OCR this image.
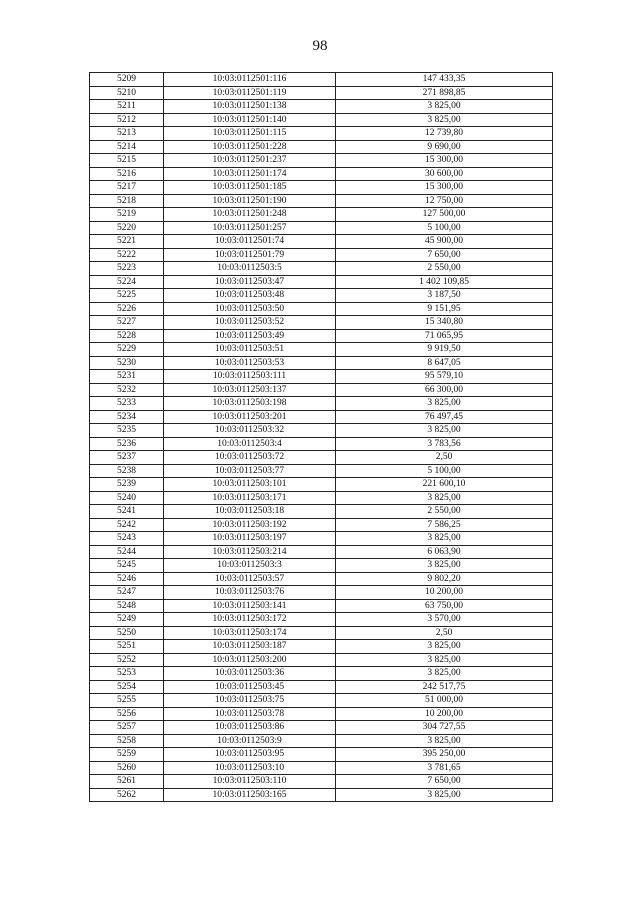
98
5209	10:03:0112501:116	147 433,35
5210	10:03:0112501:119	271 898,85
5211	10:03:0112501:138	3 825,00
5212	10:03:0112501:140	3 825,00
5213	10:03:0112501:115	12 739,80
5214	10:03:0112501:228	9 690,00
5215	10:03:0112501:237	15 300,00
5216	10:03:0112501:174	30 600,00
5217	10:03:0112501:185	15 300,00
5218	10:03:0112501:190	12 750,00
5219	10:03:0112501:248	127 500,00
5220	10:03:0112501:257	5 100,00
5221	10:03:0112501:74	45 900,00
5222	10:03:0112501:79	7 650,00
5223	10:03:0112503:5	2 550,00
5224	10:03:0112503:47	1 402 109,85
5225	10:03:0112503:48	3 187,50
5226	10:03:0112503:50	9 151,95
5227	10:03:0112503:52	15 340,80
5228	10:03:0112503:49	71 065,95
5229	10:03:0112503:51	9 919,50
5230	10:03:0112503:53	8 647,05
5231	10:03:0112503:111	95 579,10
5232	10:03:0112503:137	66 300,00
5233	10:03:0112503:198	3 825,00
5234	10:03:0112503:201	76 497,45
5235	10:03:0112503:32	3 825,00
5236	10:03:0112503:4	3 783,56
5237	10:03:0112503:72	2,50
5238	10:03:0112503:77	5 100,00
5239	10:03:0112503:101	221 600,10
5240	10:03:0112503:171	3 825,00
5241	10:03:0112503:18	2 550,00
5242	10:03:0112503:192	7 586,25
5243	10:03:0112503:197	3 825,00
5244	10:03:0112503:214	6 063,90
5245	10:03:0112503:3	3 825,00
5246	10:03:0112503:57	9 802,20
5247	10:03:0112503:76	10 200,00
5248	10:03:0112503:141	63 750,00
5249	10:03:0112503:172	3 570,00
5250	10:03:0112503:174	2,50
5251	10:03:0112503:187	3 825,00
5252	10:03:0112503:200	3 825,00
5253	10:03:0112503:36	3 825,00
5254	10:03:0112503:45	242 517,75
5255	10:03:0112503:75	51 000,00
5256	10:03:0112503:78	10 200,00
5257	10:03:0112503:86	304 727,55
5258	10:03:0112503:9	3 825,00
5259	10:03:0112503:95	395 250,00
5260	10:03:0112503:10	3 781,65
5261	10:03:0112503:110	7 650,00
5262	10:03:0112503:165	3 825,00
